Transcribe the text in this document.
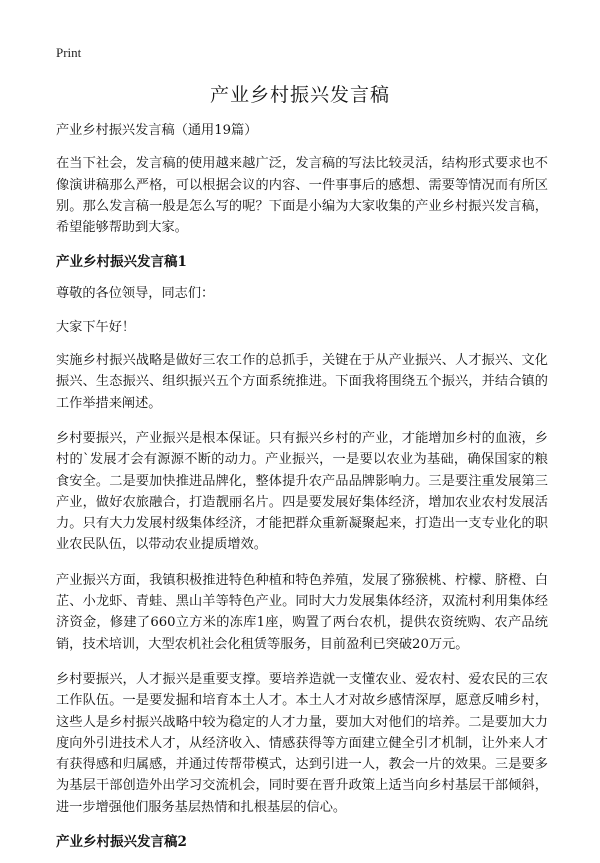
Print
产业乡村振兴发言稿

产业乡村振兴发言稿（通用19篇）

在当下社会，发言稿的使用越来越广泛，发言稿的写法比较灵活，结构形式要求也不像演讲稿那么严格，可以根据会议的内容、一件事事后的感想、需要等情况而有所区别。那么发言稿一般是怎么写的呢？下面是小编为大家收集的产业乡村振兴发言稿，希望能够帮助到大家。

产业乡村振兴发言稿1

尊敬的各位领导，同志们：

大家下午好！

实施乡村振兴战略是做好三农工作的总抓手，关键在于从产业振兴、人才振兴、文化振兴、生态振兴、组织振兴五个方面系统推进。下面我将围绕五个振兴，并结合镇的工作举措来阐述。

乡村要振兴，产业振兴是根本保证。只有振兴乡村的产业，才能增加乡村的血液，乡村的`发展才会有源源不断的动力。产业振兴，一是要以农业为基础，确保国家的粮食安全。二是要加快推进品牌化，整体提升农产品品牌影响力。三是要注重发展第三产业，做好农旅融合，打造靓丽名片。四是要发展好集体经济，增加农业农村发展活力。只有大力发展村级集体经济，才能把群众重新凝聚起来，打造出一支专业化的职业农民队伍，以带动农业提质增效。

产业振兴方面，我镇积极推进特色种植和特色养殖，发展了猕猴桃、柠檬、脐橙、白芷、小龙虾、青蛙、黑山羊等特色产业。同时大力发展集体经济，双流村利用集体经济资金，修建了660立方米的冻库1座，购置了两台农机，提供农资统购、农产品统销，技术培训，大型农机社会化租赁等服务，目前盈利已突破20万元。

乡村要振兴，人才振兴是重要支撑。要培养造就一支懂农业、爱农村、爱农民的三农工作队伍。一是要发掘和培育本土人才。本土人才对故乡感情深厚，愿意反哺乡村，这些人是乡村振兴战略中较为稳定的人才力量，要加大对他们的培养。二是要加大力度向外引进技术人才，从经济收入、情感获得等方面建立健全引才机制，让外来人才有获得感和归属感，并通过传帮带模式，达到引进一人，教会一片的效果。三是要多为基层干部创造外出学习交流机会，同时要在晋升政策上适当向乡村基层干部倾斜，进一步增强他们服务基层热情和扎根基层的信心。

产业乡村振兴发言稿2
